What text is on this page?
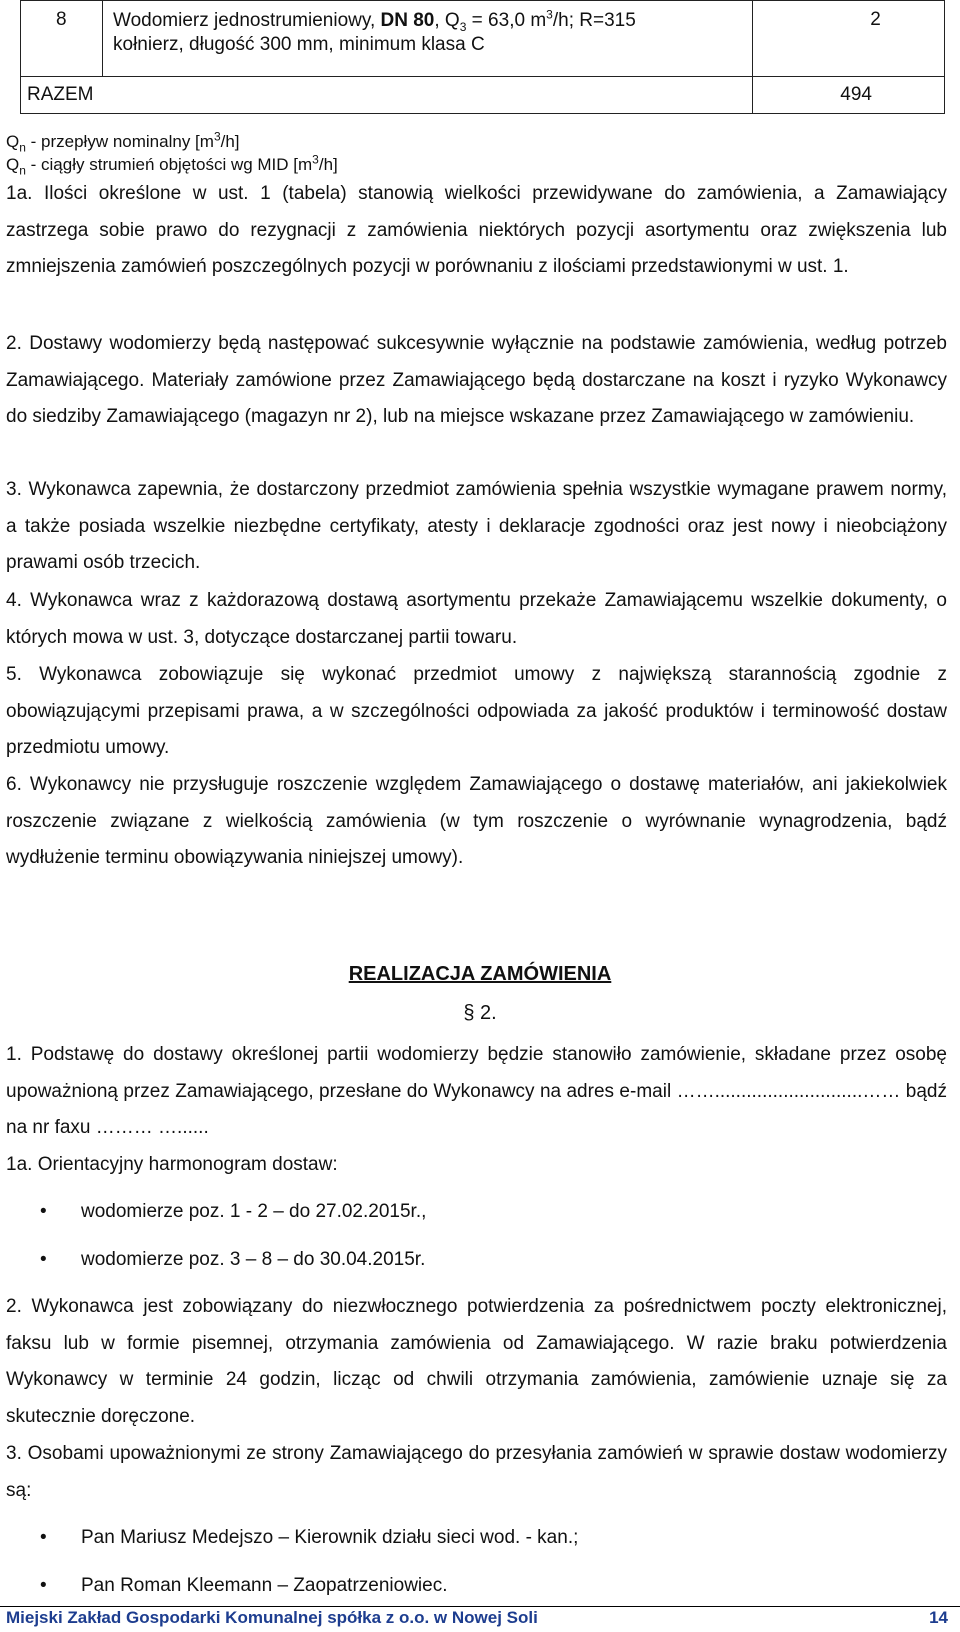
8	Wodomierz jednostrumieniowy, DN 80, $Q_3 = 63,0$ $m^3/h$; R=315
kołnierz, długość 300 mm, minimum klasa C	2
RAZEM		494
$Q_n$ - przepływ nominalny $[m^3/h]$
$Q_n$ - ciągły strumień objętości wg MID $[m^3/h]$
1a. Ilości określone w ust. 1 (tabela) stanowią wielkości przewidywane do zamówienia, a Zamawiający zastrzega sobie prawo do rezygnacji z zamówienia niektórych pozycji asortymentu oraz zwiększenia lub zmniejszenia zamówień poszczególnych pozycji w porównaniu z ilościami przedstawionymi w ust. 1.
2. Dostawy wodomierzy będą następować sukcesywnie wyłącznie na podstawie zamówienia, według potrzeb Zamawiającego. Materiały zamówione przez Zamawiającego będą dostarczane na koszt i ryzyko Wykonawcy do siedziby Zamawiającego (magazyn nr 2), lub na miejsce wskazane przez Zamawiającego w zamówieniu.
3. Wykonawca zapewnia, że dostarczony przedmiot zamówienia spełnia wszystkie wymagane prawem normy, a także posiada wszelkie niezbędne certyfikaty, atesty i deklaracje zgodności oraz jest nowy i nieobciążony prawami osób trzecich.
4. Wykonawca wraz z każdorazową dostawą asortymentu przekaże Zamawiającemu wszelkie dokumenty, o których mowa w ust. 3, dotyczące dostarczanej partii towaru.
5. Wykonawca zobowiązuje się wykonać przedmiot umowy z największą starannością zgodnie z obowiązującymi przepisami prawa, a w szczególności odpowiada za jakość produktów i terminowość dostaw przedmiotu umowy.
6. Wykonawcy nie przysługuje roszczenie względem Zamawiającego o dostawę materiałów, ani jakiekolwiek roszczenie związane z wielkością zamówienia (w tym roszczenie o wyrównanie wynagrodzenia, bądź wydłużenie terminu obowiązywania niniejszej umowy).
REALIZACJA ZAMÓWIENIA
§ 2.
1. Podstawę do dostawy określonej partii wodomierzy będzie stanowiło zamówienie, składane przez osobę upoważnioną przez Zamawiającego, przesłane do Wykonawcy na adres e-mail ……............................…… bądź na nr faxu ……… …......
1a. Orientacyjny harmonogram dostaw:
• wodomierze poz. 1 - 2 – do 27.02.2015r.,
• wodomierze poz. 3 – 8 – do 30.04.2015r.
2. Wykonawca jest zobowiązany do niezwłocznego potwierdzenia za pośrednictwem poczty elektronicznej, faksu lub w formie pisemnej, otrzymania zamówienia od Zamawiającego. W razie braku potwierdzenia Wykonawcy w terminie 24 godzin, licząc od chwili otrzymania zamówienia, zamówienie uznaje się za skutecznie doręczone.
3. Osobami upoważnionymi ze strony Zamawiającego do przesyłania zamówień w sprawie dostaw wodomierzy są:
• Pan Mariusz Medejszo – Kierownik działu sieci wod. - kan.;
• Pan Roman Kleemann – Zaopatrzeniowiec.
Miejski Zakład Gospodarki Komunalnej spółka z o.o. w Nowej Soli	14
